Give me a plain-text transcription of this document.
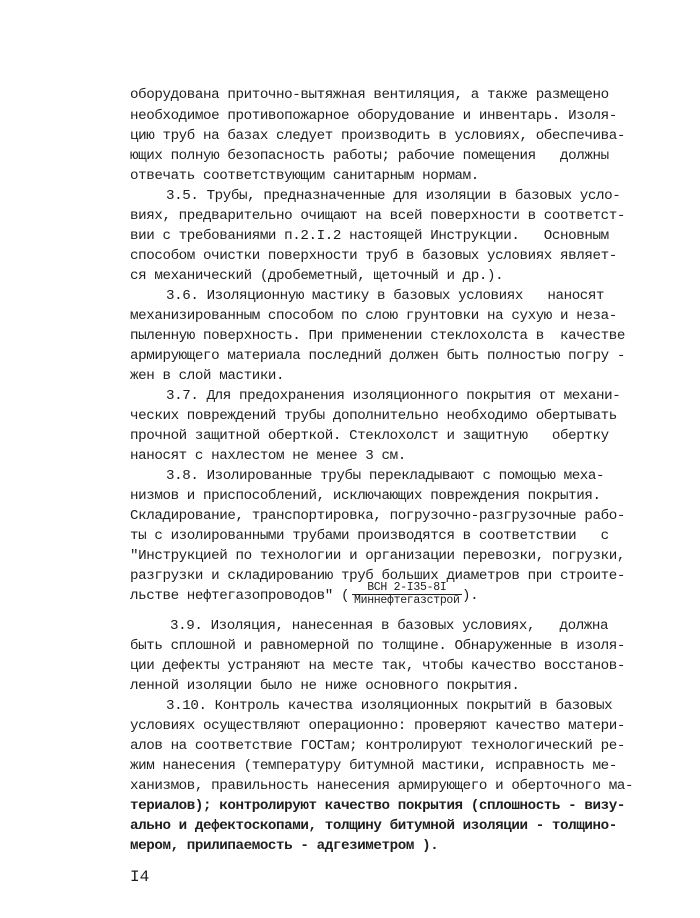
оборудована приточно-вытяжная вентиляция, а также размещено
необходимое противопожарное оборудование и инвентарь. Изоля-
цию труб на базах следует производить в условиях, обеспечива-
ющих полную безопасность работы; рабочие помещения   должны
отвечать соответствующим санитарным нормам.
3.5. Трубы, предназначенные для изоляции в базовых усло-
виях, предварительно очищают на всей поверхности в соответст-
вии с требованиями п.2.I.2 настоящей Инструкции.   Основным
способом очистки поверхности труб в базовых условиях являет-
ся механический (дробеметный, щеточный и др.).
3.6. Изоляционную мастику в базовых условиях   наносят
механизированным способом по слою грунтовки на сухую и неза-
пыленную поверхность. При применении стеклохолста в  качестве
армирующего материала последний должен быть полностью погру -
жен в слой мастики.
3.7. Для предохранения изоляционного покрытия от механи-
ческих повреждений трубы дополнительно необходимо обертывать
прочной защитной оберткой. Стеклохолст и защитную   обертку
наносят с нахлестом не менее 3 см.
3.8. Изолированные трубы перекладывают с помощью меха-
низмов и приспособлений, исключающих повреждения покрытия.
Складирование, транспортировка, погрузочно-разгрузочные рабо-
ты с изолированными трубами производятся в соответствии   с
"Инструкцией по технологии и организации перевозки, погрузки,
разгрузки и складированию труб больших диаметров при строите-
льстве нефтегазопроводов" (
ВСН 2-I35-8I
Миннефтегазстрой ).
3.9. Изоляция, нанесенная в базовых условиях,   должна
быть сплошной и равномерной по толщине. Обнаруженные в изоля-
ции дефекты устраняют на месте так, чтобы качество восстанов-
ленной изоляции было не ниже основного покрытия.
3.10. Контроль качества изоляционных покрытий в базовых
условиях осуществляют операционно: проверяют качество матери-
алов на соответствие ГОСТам; контролируют технологический ре-
жим нанесения (температуру битумной мастики, исправность ме-
ханизмов, правильность нанесения армирующего и оберточного ма-
териалов); контролируют качество покрытия (сплошность - визу-
ально и дефектоскопами, толщину битумной изоляции - толщино-
мером, прилипаемость - адгезиметром ).
I4
